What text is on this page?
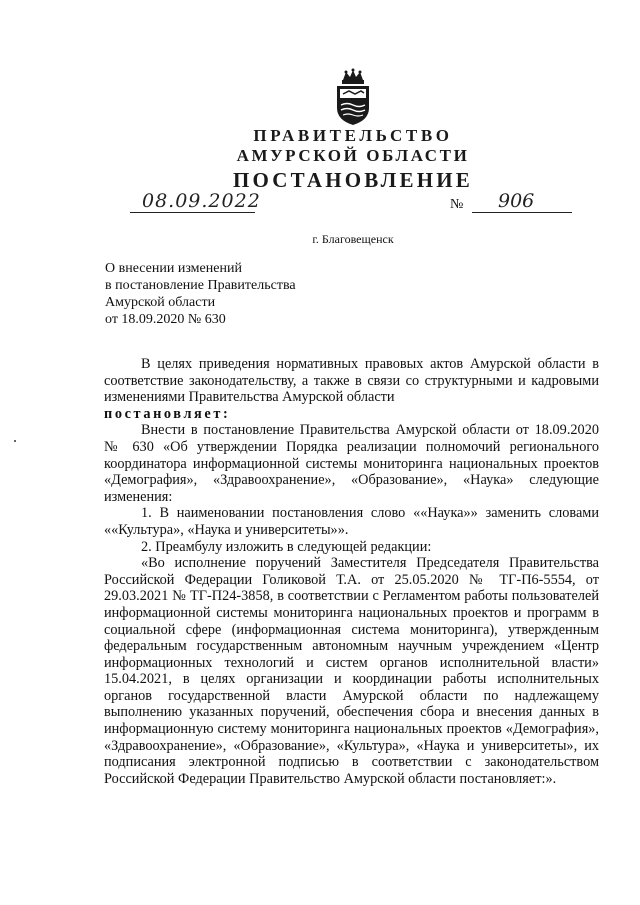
ПРАВИТЕЛЬСТВО
АМУРСКОЙ ОБЛАСТИ
ПОСТАНОВЛЕНИЕ
08.09.2022	№ 906
г. Благовещенск
О внесении изменений
в постановление Правительства
Амурской области
от 18.09.2020 № 630

В целях приведения нормативных правовых актов Амурской области в соответствие законодательству, а также в связи со структурными и кадровыми изменениями Правительства Амурской области

постановляет:

Внести в постановление Правительства Амурской области от 18.09.2020 № 630 «Об утверждении Порядка реализации полномочий регионального координатора информационной системы мониторинга национальных проектов «Демография», «Здравоохранение», «Образование», «Наука» следующие изменения:

1. В наименовании постановления слово ««Наука»» заменить словами ««Культура», «Наука и университеты»».

2. Преамбулу изложить в следующей редакции:

«Во исполнение поручений Заместителя Председателя Правительства Российской Федерации Голиковой Т.А. от 25.05.2020 № ТГ-П6-5554, от 29.03.2021 № ТГ-П24-3858, в соответствии с Регламентом работы пользователей информационной системы мониторинга национальных проектов и программ в социальной сфере (информационная система мониторинга), утвержденным федеральным государственным автономным научным учреждением «Центр информационных технологий и систем органов исполнительной власти» 15.04.2021, в целях организации и координации работы исполнительных органов государственной власти Амурской области по надлежащему выполнению указанных поручений, обеспечения сбора и внесения данных в информационную систему мониторинга национальных проектов «Демография», «Здравоохранение», «Образование», «Культура», «Наука и университеты», их подписания электронной подписью в соответствии с законодательством Российской Федерации Правительство Амурской области постановляет:».
